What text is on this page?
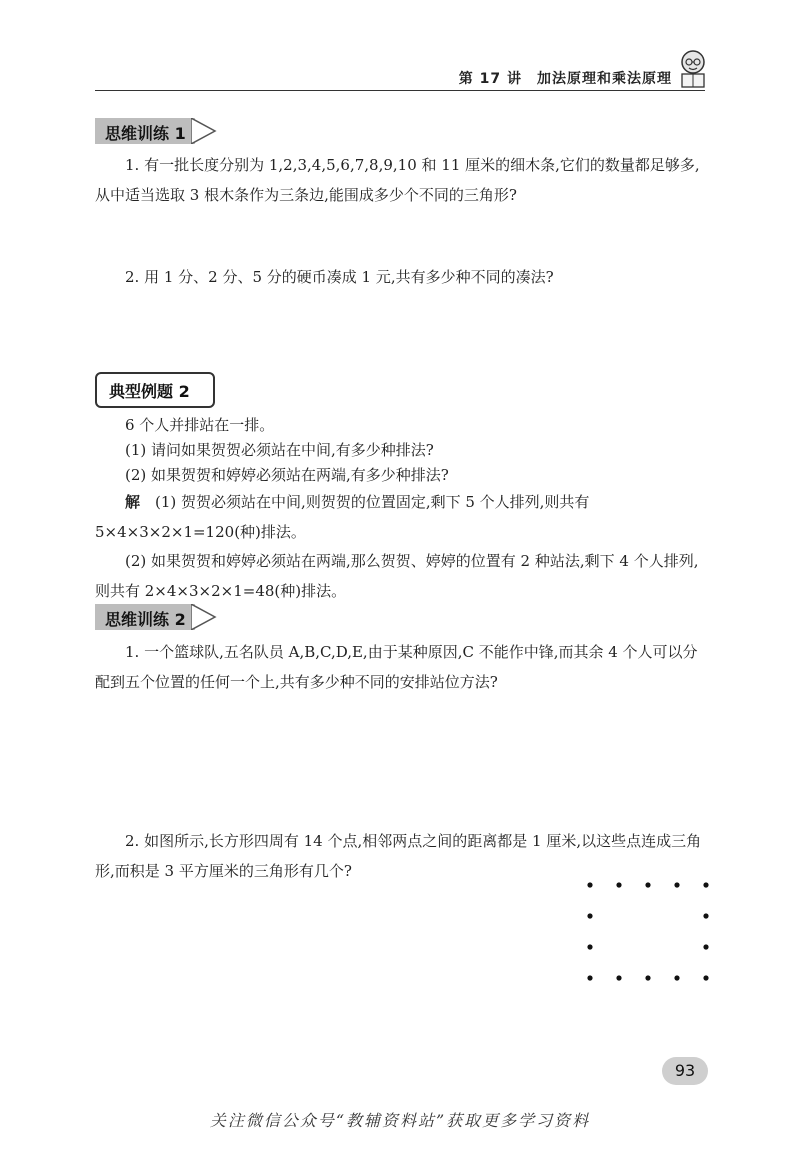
第 17 讲　加法原理和乘法原理
思维训练 1
1. 有一批长度分别为 1,2,3,4,5,6,7,8,9,10 和 11 厘米的细木条,它们的数量都足够多,从中适当选取 3 根木条作为三条边,能围成多少个不同的三角形?
2. 用 1 分、2 分、5 分的硬币凑成 1 元,共有多少种不同的凑法?
典型例题 2
6 个人并排站在一排。
(1) 请问如果贺贺必须站在中间,有多少种排法?
(2) 如果贺贺和婷婷必须站在两端,有多少种排法?
解　 (1) 贺贺必须站在中间,则贺贺的位置固定,剩下 5 个人排列,则共有 5×4×3×2×1=120(种)排法。
(2) 如果贺贺和婷婷必须站在两端,那么贺贺、婷婷的位置有 2 种站法,剩下 4 个人排列,则共有 2×4×3×2×1=48(种)排法。
思维训练 2
1. 一个篮球队,五名队员 A,B,C,D,E,由于某种原因,C 不能作中锋,而其余 4 个人可以分配到五个位置的任何一个上,共有多少种不同的安排站位方法?
2. 如图所示,长方形四周有 14 个点,相邻两点之间的距离都是 1 厘米,以这些点连成三角形,而积是 3 平方厘米的三角形有几个?
93
关注微信公众号“教辅资料站”获取更多学习资料
